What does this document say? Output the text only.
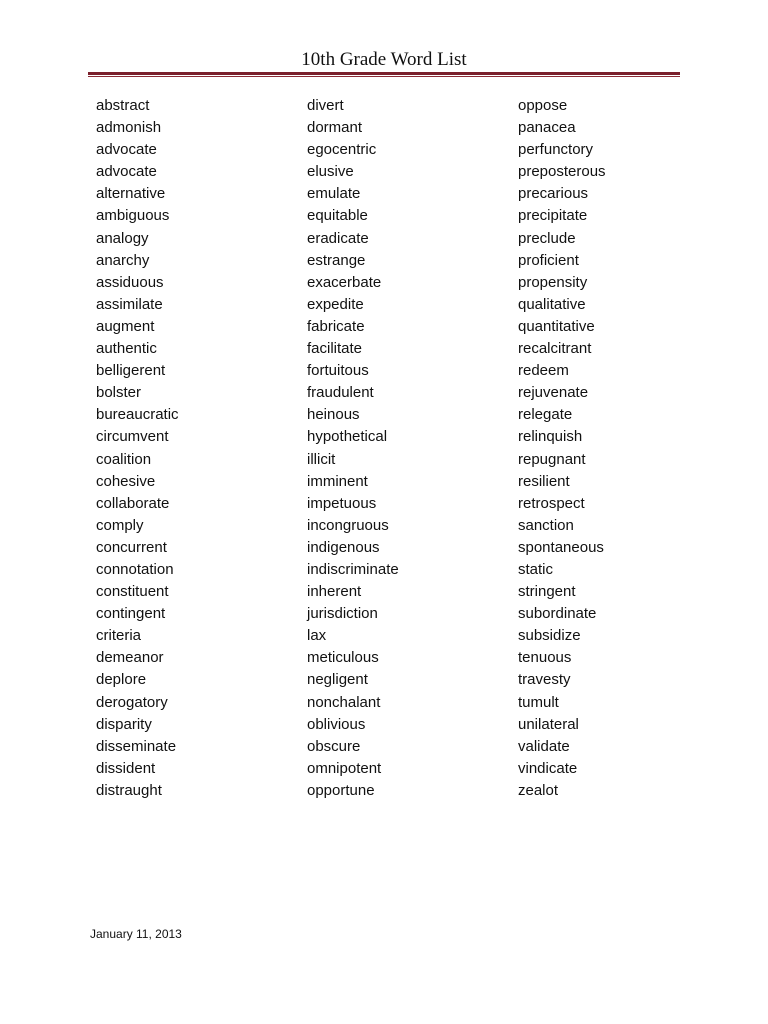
10th Grade Word List
abstract
admonish
advocate
advocate
alternative
ambiguous
analogy
anarchy
assiduous
assimilate
augment
authentic
belligerent
bolster
bureaucratic
circumvent
coalition
cohesive
collaborate
comply
concurrent
connotation
constituent
contingent
criteria
demeanor
deplore
derogatory
disparity
disseminate
dissident
distraught
divert
dormant
egocentric
elusive
emulate
equitable
eradicate
estrange
exacerbate
expedite
fabricate
facilitate
fortuitous
fraudulent
heinous
hypothetical
illicit
imminent
impetuous
incongruous
indigenous
indiscriminate
inherent
jurisdiction
lax
meticulous
negligent
nonchalant
oblivious
obscure
omnipotent
opportune
oppose
panacea
perfunctory
preposterous
precarious
precipitate
preclude
proficient
propensity
qualitative
quantitative
recalcitrant
redeem
rejuvenate
relegate
relinquish
repugnant
resilient
retrospect
sanction
spontaneous
static
stringent
subordinate
subsidize
tenuous
travesty
tumult
unilateral
validate
vindicate
zealot
January 11, 2013
